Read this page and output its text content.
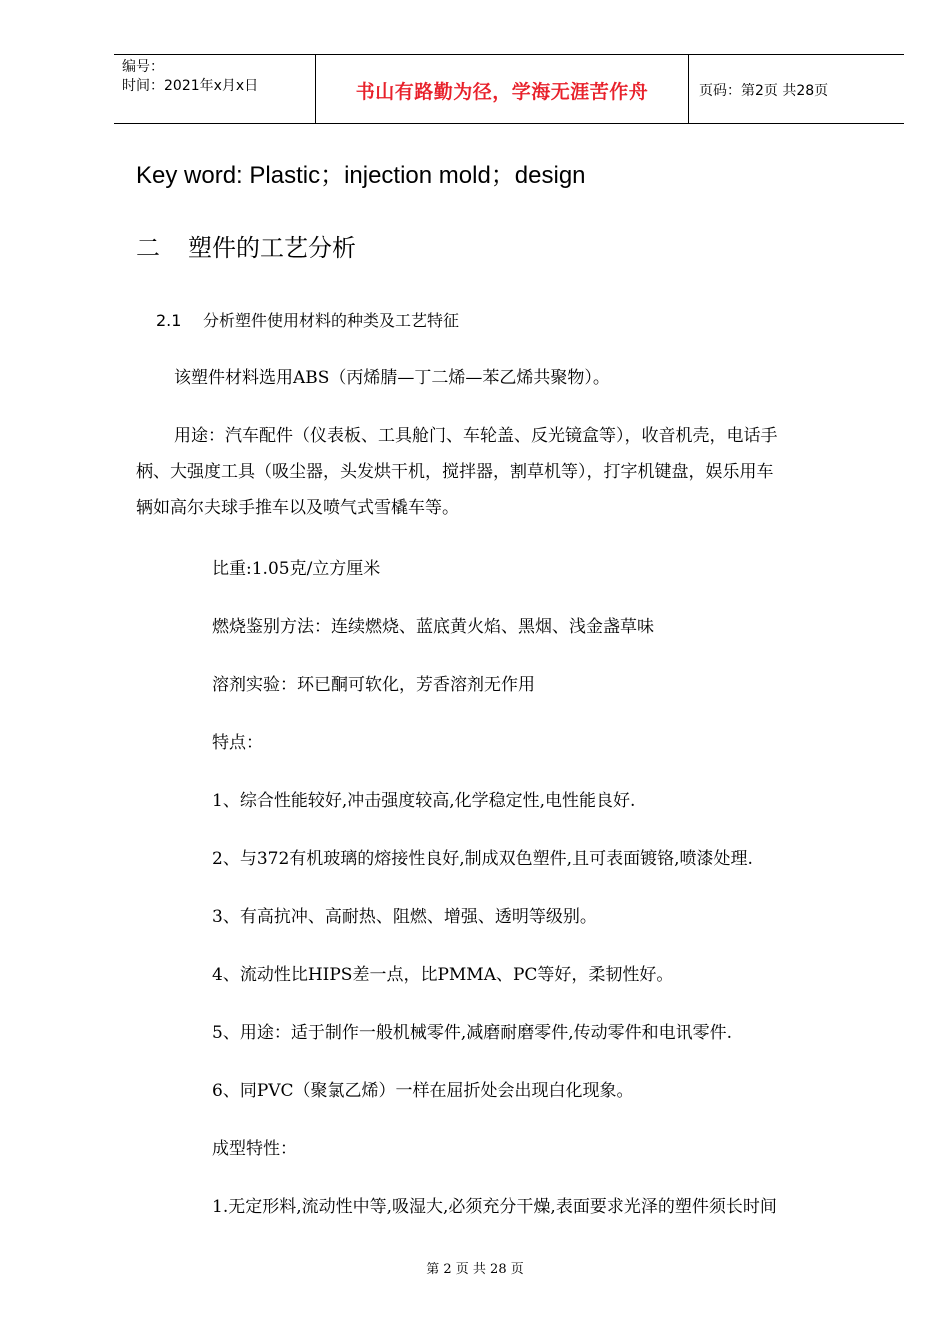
编号：
时间：2021年x月x日	书山有路勤为径，学海无涯苦作舟	页码：第2页 共28页
Key word: Plastic；injection mold；design
二 塑件的工艺分析
2.1 分析塑件使用材料的种类及工艺特征
该塑件材料选用ABS（丙烯腈—丁二烯—苯乙烯共聚物）。
用途：汽车配件（仪表板、工具舱门、车轮盖、反光镜盒等），收音机壳，电话手
柄、大强度工具（吸尘器，头发烘干机，搅拌器，割草机等），打字机键盘，娱乐用车
辆如高尔夫球手推车以及喷气式雪橇车等。
比重:1.05克/立方厘米
燃烧鉴别方法：连续燃烧、蓝底黄火焰、黑烟、浅金盏草味
溶剂实验：环已酮可软化，芳香溶剂无作用
特点：
1、综合性能较好,冲击强度较高,化学稳定性,电性能良好.
2、与372有机玻璃的熔接性良好,制成双色塑件,且可表面镀铬,喷漆处理.
3、有高抗冲、高耐热、阻燃、增强、透明等级别。
4、流动性比HIPS差一点，比PMMA、PC等好，柔韧性好。
5、用途：适于制作一般机械零件,减磨耐磨零件,传动零件和电讯零件.
6、同PVC（聚氯乙烯）一样在屈折处会出现白化现象。
成型特性：
1.无定形料,流动性中等,吸湿大,必须充分干燥,表面要求光泽的塑件须长时间
第 2 页 共 28 页
